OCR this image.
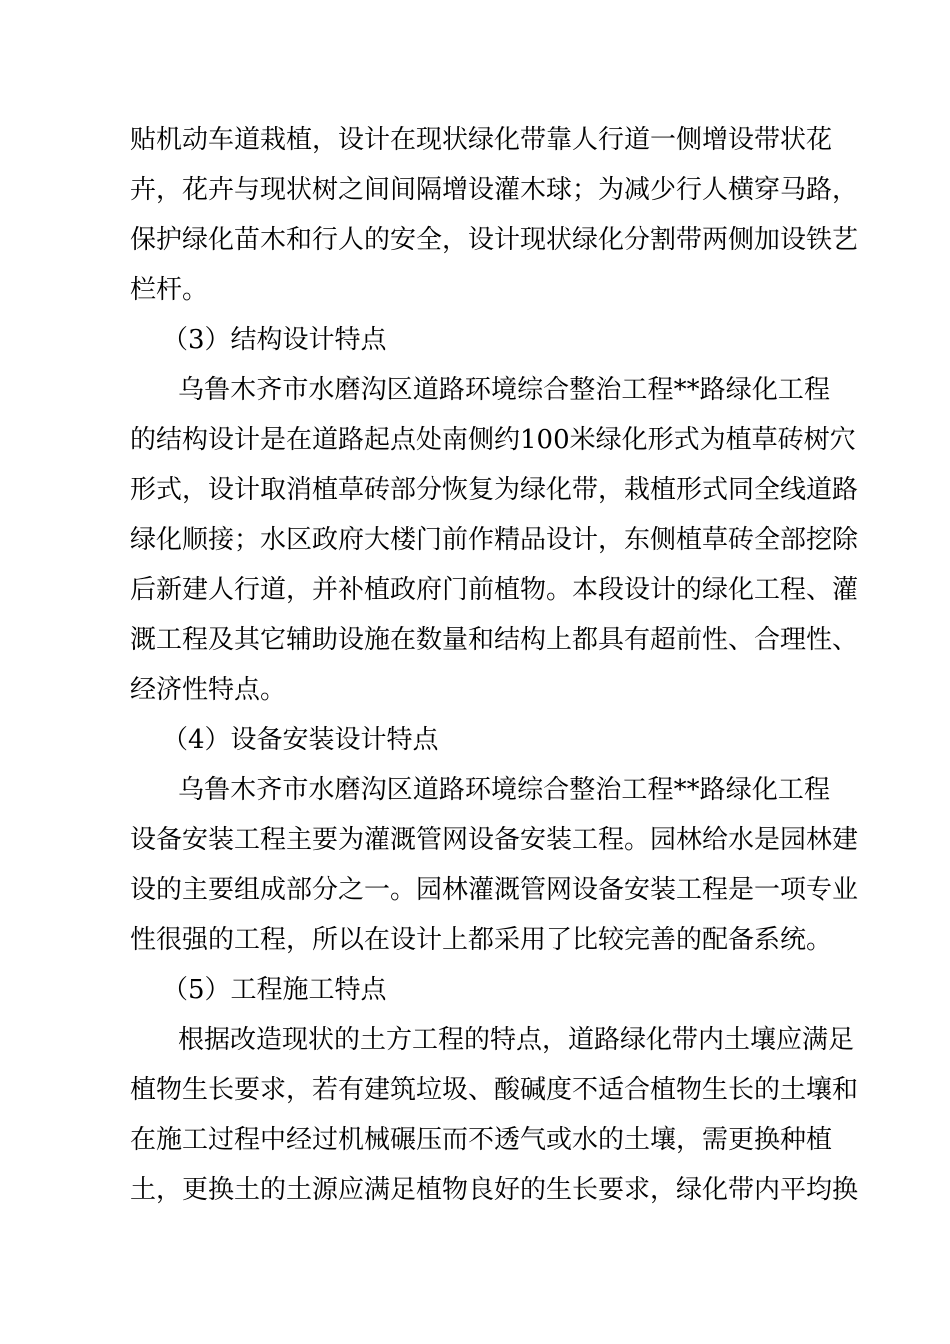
贴机动车道栽植，设计在现状绿化带靠人行道一侧增设带状花
卉，花卉与现状树之间间隔增设灌木球；为减少行人横穿马路，
保护绿化苗木和行人的安全，设计现状绿化分割带两侧加设铁艺
栏杆。
（3）结构设计特点
乌鲁木齐市水磨沟区道路环境综合整治工程**路绿化工程
的结构设计是在道路起点处南侧约100米绿化形式为植草砖树穴
形式，设计取消植草砖部分恢复为绿化带，栽植形式同全线道路
绿化顺接；水区政府大楼门前作精品设计，东侧植草砖全部挖除
后新建人行道，并补植政府门前植物。本段设计的绿化工程、灌
溉工程及其它辅助设施在数量和结构上都具有超前性、合理性、
经济性特点。
（4）设备安装设计特点
乌鲁木齐市水磨沟区道路环境综合整治工程**路绿化工程
设备安装工程主要为灌溉管网设备安装工程。园林给水是园林建
设的主要组成部分之一。园林灌溉管网设备安装工程是一项专业
性很强的工程，所以在设计上都采用了比较完善的配备系统。
（5）工程施工特点
根据改造现状的土方工程的特点，道路绿化带内土壤应满足
植物生长要求，若有建筑垃圾、酸碱度不适合植物生长的土壤和
在施工过程中经过机械碾压而不透气或水的土壤，需更换种植
土，更换土的土源应满足植物良好的生长要求，绿化带内平均换
